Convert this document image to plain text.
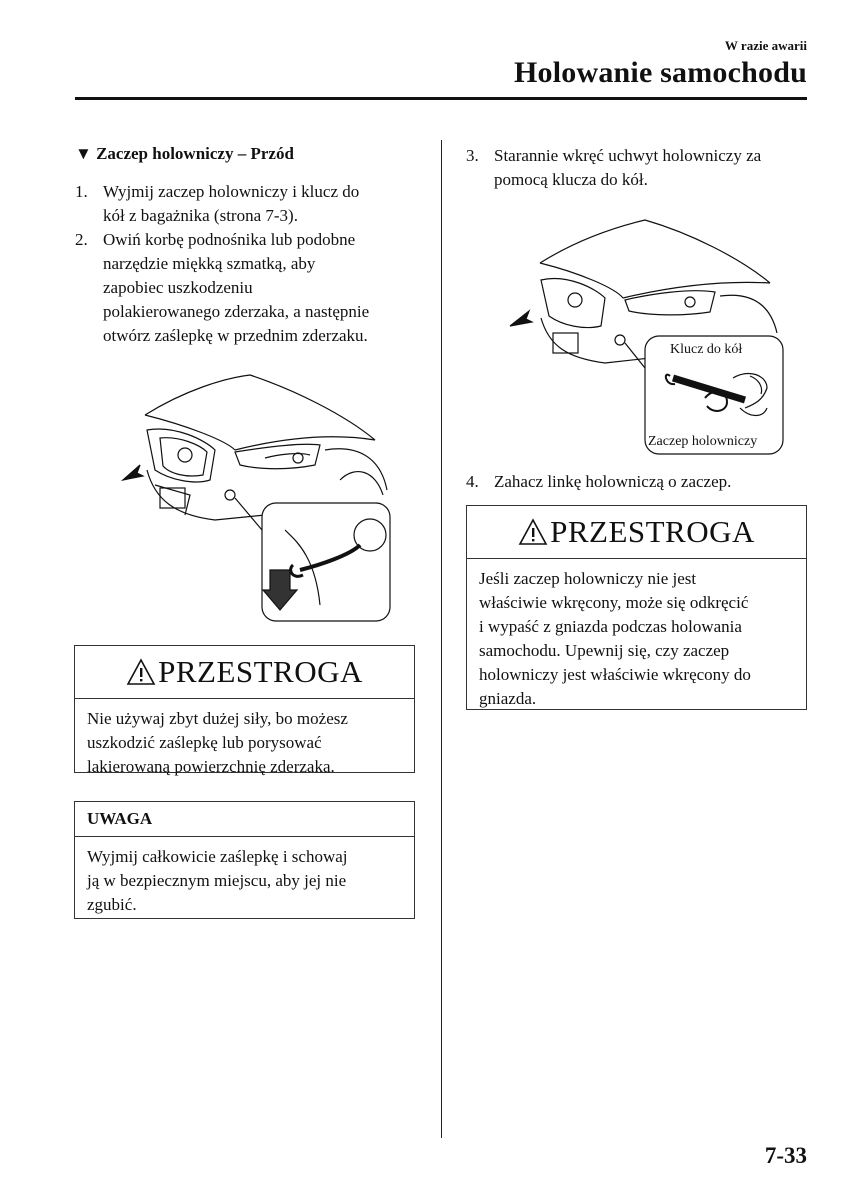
W razie awarii
Holowanie samochodu
▼ Zaczep holowniczy – Przód
1. Wyjmij zaczep holowniczy i klucz do
kół z bagażnika (strona 7-3).

2. Owiń korbę podnośnika lub podobne
narzędzie miękką szmatką, aby
zapobiec uszkodzeniu
polakierowanego zderzaka, a następnie
otwórz zaślepkę w przednim zderzaku.

PRZESTROGA
Nie używaj zbyt dużej siły, bo możesz
uszkodzić zaślepkę lub porysować
lakierowaną powierzchnię zderzaka.
UWAGA
Wyjmij całkowicie zaślepkę i schowaj
ją w bezpiecznym miejscu, aby jej nie
zgubić.
3. Starannie wkręć uchwyt holowniczy za
pomocą klucza do kół.

Klucz do kół
Zaczep holowniczy
4. Zahacz linkę holowniczą o zaczep.

PRZESTROGA
Jeśli zaczep holowniczy nie jest
właściwie wkręcony, może się odkręcić
i wypaść z gniazda podczas holowania
samochodu. Upewnij się, czy zaczep
holowniczy jest właściwie wkręcony do
gniazda.
7-33
